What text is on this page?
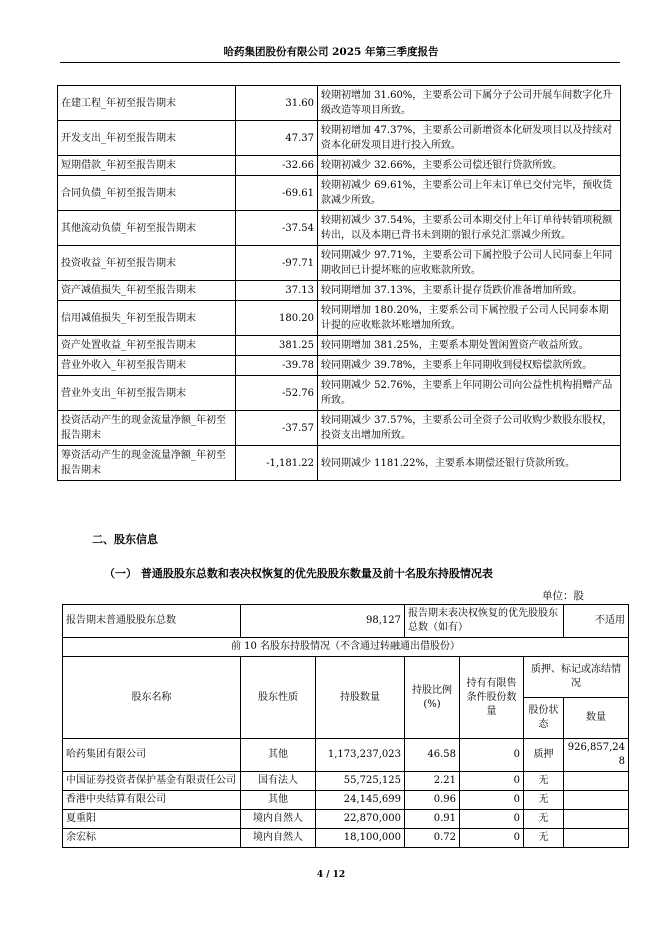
哈药集团股份有限公司 2025 年第三季度报告
在建工程_年初至报告期末	31.60	较期初增加 31.60%，主要系公司下属分子公司开展车间数字化升级改造等项目所致。
开发支出_年初至报告期末	47.37	较期初增加 47.37%，主要系公司新增资本化研发项目以及持续对资本化研发项目进行投入所致。
短期借款_年初至报告期末	-32.66	较期初减少 32.66%，主要系公司偿还银行贷款所致。
合同负债_年初至报告期末	-69.61	较期初减少 69.61%，主要系公司上年末订单已交付完毕，预收货款减少所致。
其他流动负债_年初至报告期末	-37.54	较期初减少 37.54%，主要系公司本期交付上年订单待转销项税额转出，以及本期已背书未到期的银行承兑汇票减少所致。
投资收益_年初至报告期末	-97.71	较同期减少 97.71%，主要系公司下属控股子公司人民同泰上年同期收回已计提坏账的应收账款所致。
资产减值损失_年初至报告期末	37.13	较同期增加 37.13%，主要系计提存货跌价准备增加所致。
信用减值损失_年初至报告期末	180.20	较同期增加 180.20%，主要系公司下属控股子公司人民同泰本期计提的应收账款坏账增加所致。
资产处置收益_年初至报告期末	381.25	较同期增加 381.25%，主要系本期处置闲置资产收益所致。
营业外收入_年初至报告期末	-39.78	较同期减少 39.78%，主要系上年同期收到侵权赔偿款所致。
营业外支出_年初至报告期末	-52.76	较同期减少 52.76%，主要系上年同期公司向公益性机构捐赠产品所致。
投资活动产生的现金流量净额_年初至报告期末	-37.57	较同期减少 37.57%，主要系公司全资子公司收购少数股东股权，投资支出增加所致。
筹资活动产生的现金流量净额_年初至报告期末	-1,181.22	较同期减少 1181.22%，主要系本期偿还银行贷款所致。
二、股东信息
（一） 普通股股东总数和表决权恢复的优先股股东数量及前十名股东持股情况表
单位：股
报告期末普通股股东总数	98,127		报告期末表决权恢复的优先股股东总数（如有）			不适用
前 10 名股东持股情况（不含通过转融通出借股份）						
股东名称	股东性质	持股数量	持股比例(%)	持有有限售条件股份数量	质押、标记或冻结情况	
					股份状态	数量
哈药集团有限公司	其他	1,173,237,023	46.58	0	质押	926,857,248
中国证券投资者保护基金有限责任公司	国有法人	55,725,125	2.21	0	无	
香港中央结算有限公司	其他	24,145,699	0.96	0	无	
夏重阳	境内自然人	22,870,000	0.91	0	无	
余宏标	境内自然人	18,100,000	0.72	0	无	
4 / 12
